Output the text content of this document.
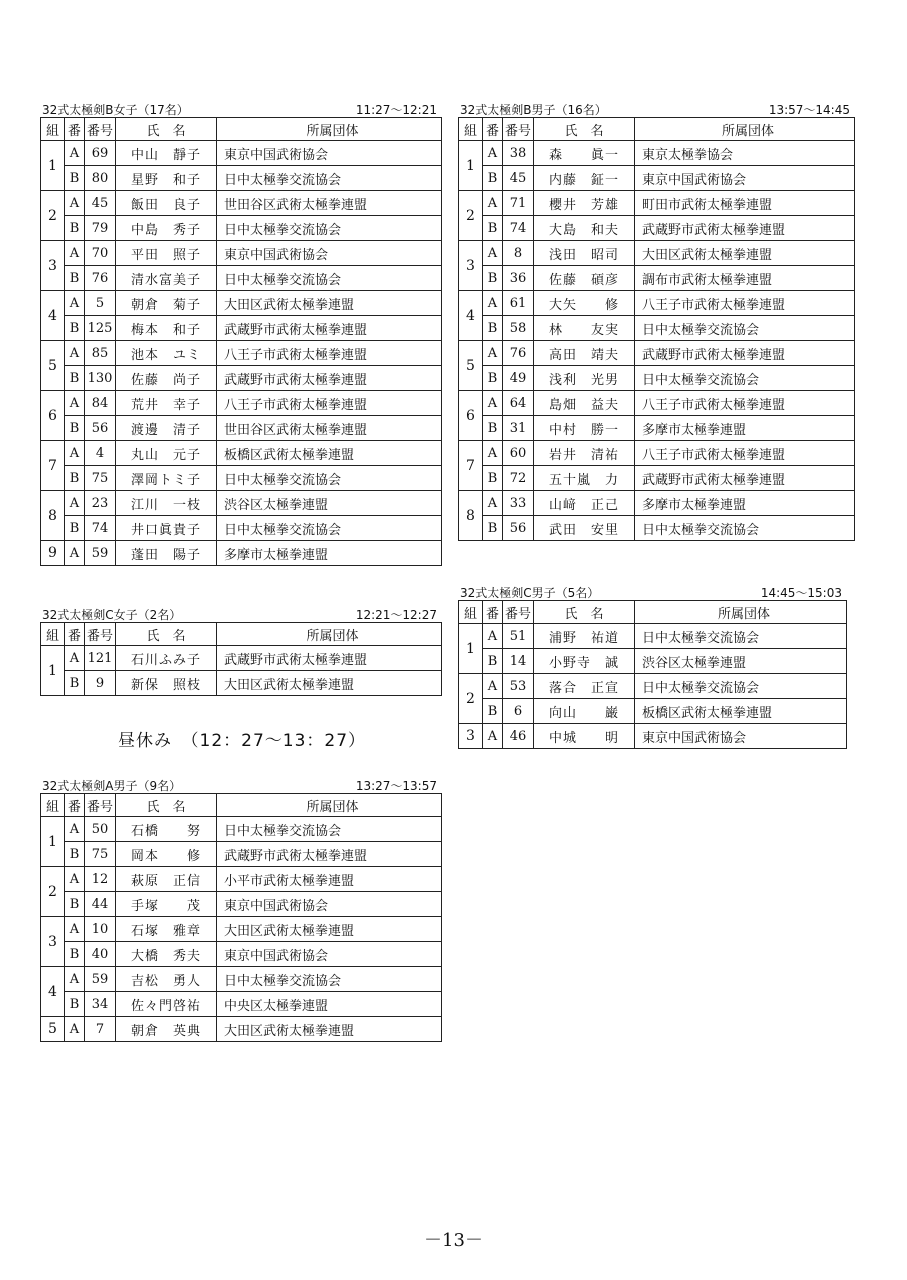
32式太極剣B女子（17名）	11:27〜12:21
組	番	番号	氏　名	所属団体
1	A	69	中山　靜子	東京中国武術協会
	B	80	星野　和子	日中太極拳交流協会
2	A	45	飯田　良子	世田谷区武術太極拳連盟
	B	79	中島　秀子	日中太極拳交流協会
3	A	70	平田　照子	東京中国武術協会
	B	76	清水富美子	日中太極拳交流協会
4	A	5	朝倉　菊子	大田区武術太極拳連盟
	B	125	梅本　和子	武蔵野市武術太極拳連盟
5	A	85	池本　ユミ	八王子市武術太極拳連盟
	B	130	佐藤　尚子	武蔵野市武術太極拳連盟
6	A	84	荒井　幸子	八王子市武術太極拳連盟
	B	56	渡邊　清子	世田谷区武術太極拳連盟
7	A	4	丸山　元子	板橋区武術太極拳連盟
	B	75	澤岡トミ子	日中太極拳交流協会
8	A	23	江川　一枝	渋谷区太極拳連盟
	B	74	井口眞貴子	日中太極拳交流協会
9	A	59	蓬田　陽子	多摩市太極拳連盟
32式太極剣B男子（16名）	13:57〜14:45
組	番	番号	氏　名	所属団体
1	A	38	森　　眞一	東京太極拳協会
	B	45	内藤　鉦一	東京中国武術協会
2	A	71	櫻井　芳雄	町田市武術太極拳連盟
	B	74	大島　和夫	武蔵野市武術太極拳連盟
3	A	8	浅田　昭司	大田区武術太極拳連盟
	B	36	佐藤　碩彦	調布市武術太極拳連盟
4	A	61	大矢　　修	八王子市武術太極拳連盟
	B	58	林　　友実	日中太極拳交流協会
5	A	76	高田　靖夫	武蔵野市武術太極拳連盟
	B	49	浅利　光男	日中太極拳交流協会
6	A	64	島畑　益夫	八王子市武術太極拳連盟
	B	31	中村　勝一	多摩市太極拳連盟
7	A	60	岩井　清祐	八王子市武術太極拳連盟
	B	72	五十嵐　力	武蔵野市武術太極拳連盟
8	A	33	山﨑　正己	多摩市太極拳連盟
	B	56	武田　安里	日中太極拳交流協会
32式太極剣C女子（2名）	12:21〜12:27
組	番	番号	氏　名	所属団体
1	A	121	石川ふみ子	武蔵野市武術太極拳連盟
	B	9	新保　照枝	大田区武術太極拳連盟
32式太極剣C男子（5名）	14:45〜15:03
組	番	番号	氏　名	所属団体
1	A	51	浦野　祐道	日中太極拳交流協会
	B	14	小野寺　誠	渋谷区太極拳連盟
2	A	53	落合　正宣	日中太極拳交流協会
	B	6	向山　　巌	板橋区武術太極拳連盟
3	A	46	中城　　明	東京中国武術協会
32式太極剣A男子（9名）	13:27〜13:57
組	番	番号	氏　名	所属団体
1	A	50	石橋　　努	日中太極拳交流協会
	B	75	岡本　　修	武蔵野市武術太極拳連盟
2	A	12	萩原　正信	小平市武術太極拳連盟
	B	44	手塚　　茂	東京中国武術協会
3	A	10	石塚　雅章	大田区武術太極拳連盟
	B	40	大橋　秀夫	東京中国武術協会
4	A	59	吉松　勇人	日中太極拳交流協会
	B	34	佐々門啓祐	中央区太極拳連盟
5	A	7	朝倉　英典	大田区武術太極拳連盟
昼休み　（12：27〜13：27）
－13－
